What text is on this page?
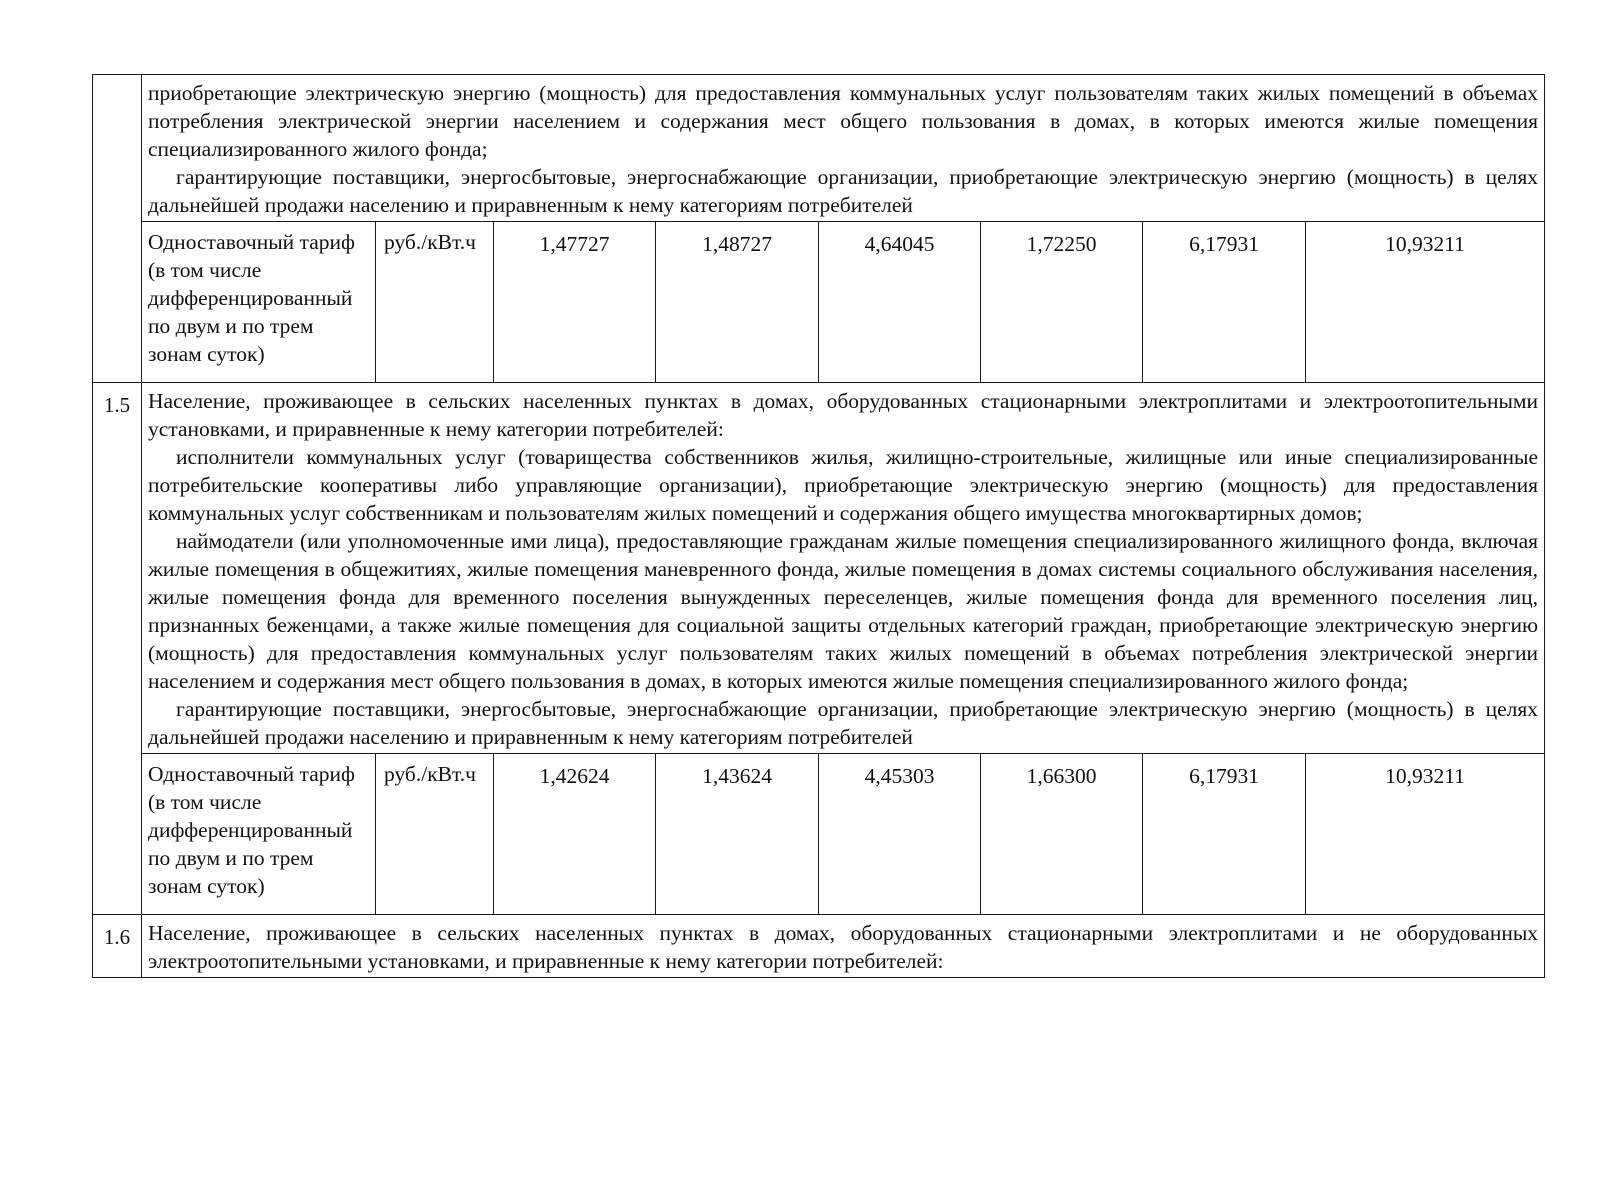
	приобретающие электрическую энергию (мощность) для предоставления коммунальных услуг пользователям таких жилых помещений в объемах потребления электрической энергии населением и содержания мест общего пользования в домах, в которых имеются жилые помещения специализированного жилого фонда;

гарантирующие поставщики, энергосбытовые, энергоснабжающие организации, приобретающие электрическую энергию (мощность) в целях дальнейшей продажи населению и приравненным к нему категориям потребителей							

	Одноставочный тариф
(в том числе
дифференцированный
по двум и по трем
зонам суток)	руб./кВт.ч	1,47727	1,48727	4,64045	1,72250	6,17931	10,93211
1.5	Население, проживающее в сельских населенных пунктах в домах, оборудованных стационарными электроплитами и электроотопительными установками, и приравненные к нему категории потребителей:

исполнители коммунальных услуг (товарищества собственников жилья, жилищно-строительные, жилищные или иные специализированные потребительские кооперативы либо управляющие организации), приобретающие электрическую энергию (мощность) для предоставления коммунальных услуг собственникам и пользователям жилых помещений и содержания общего имущества многоквартирных домов;

наймодатели (или уполномоченные ими лица), предоставляющие гражданам жилые помещения специализированного жилищного фонда, включая жилые помещения в общежитиях, жилые помещения маневренного фонда, жилые помещения в домах системы социального обслуживания населения, жилые помещения фонда для временного поселения вынужденных переселенцев, жилые помещения фонда для временного поселения лиц, признанных беженцами, а также жилые помещения для социальной защиты отдельных категорий граждан, приобретающие электрическую энергию (мощность) для предоставления коммунальных услуг пользователям таких жилых помещений в объемах потребления электрической энергии населением и содержания мест общего пользования в домах, в которых имеются жилые помещения специализированного жилого фонда;

гарантирующие поставщики, энергосбытовые, энергоснабжающие организации, приобретающие электрическую энергию (мощность) в целях дальнейшей продажи населению и приравненным к нему категориям потребителей							

	Одноставочный тариф
(в том числе
дифференцированный
по двум и по трем
зонам суток)	руб./кВт.ч	1,42624	1,43624	4,45303	1,66300	6,17931	10,93211
1.6	Население, проживающее в сельских населенных пунктах в домах, оборудованных стационарными электроплитами и не оборудованных электроотопительными установками, и приравненные к нему категории потребителей:							
